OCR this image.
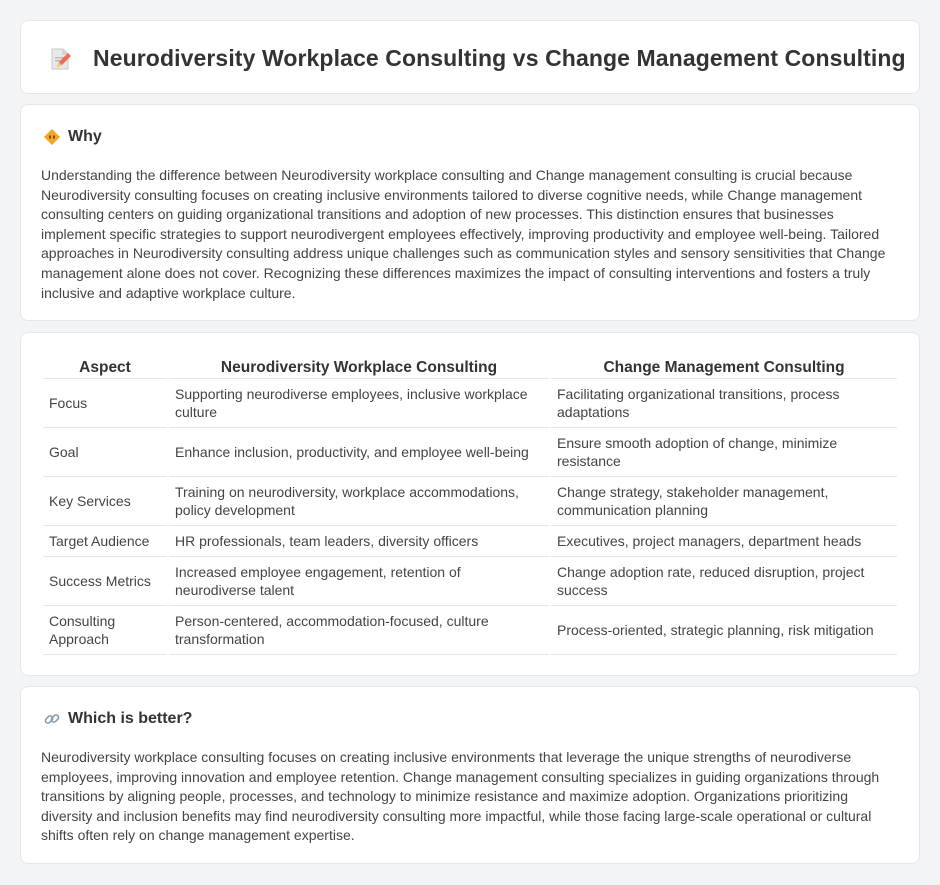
Neurodiversity Workplace Consulting vs Change Management Consulting
Why

Understanding the difference between Neurodiversity workplace consulting and Change management consulting is crucial because Neurodiversity consulting focuses on creating inclusive environments tailored to diverse cognitive needs, while Change management consulting centers on guiding organizational transitions and adoption of new processes. This distinction ensures that businesses implement specific strategies to support neurodivergent employees effectively, improving productivity and employee well-being. Tailored approaches in Neurodiversity consulting address unique challenges such as communication styles and sensory sensitivities that Change management alone does not cover. Recognizing these differences maximizes the impact of consulting interventions and fosters a truly inclusive and adaptive workplace culture.

Aspect	Neurodiversity Workplace Consulting	Change Management Consulting
Focus	Supporting neurodiverse employees, inclusive workplace culture	Facilitating organizational transitions, process adaptations
Goal	Enhance inclusion, productivity, and employee well-being	Ensure smooth adoption of change, minimize resistance
Key Services	Training on neurodiversity, workplace accommodations, policy development	Change strategy, stakeholder management, communication planning
Target Audience	HR professionals, team leaders, diversity officers	Executives, project managers, department heads
Success Metrics	Increased employee engagement, retention of neurodiverse talent	Change adoption rate, reduced disruption, project success
Consulting Approach	Person-centered, accommodation-focused, culture transformation	Process-oriented, strategic planning, risk mitigation
Which is better?

Neurodiversity workplace consulting focuses on creating inclusive environments that leverage the unique strengths of neurodiverse employees, improving innovation and employee retention. Change management consulting specializes in guiding organizations through transitions by aligning people, processes, and technology to minimize resistance and maximize adoption. Organizations prioritizing diversity and inclusion benefits may find neurodiversity consulting more impactful, while those facing large-scale operational or cultural shifts often rely on change management expertise.
